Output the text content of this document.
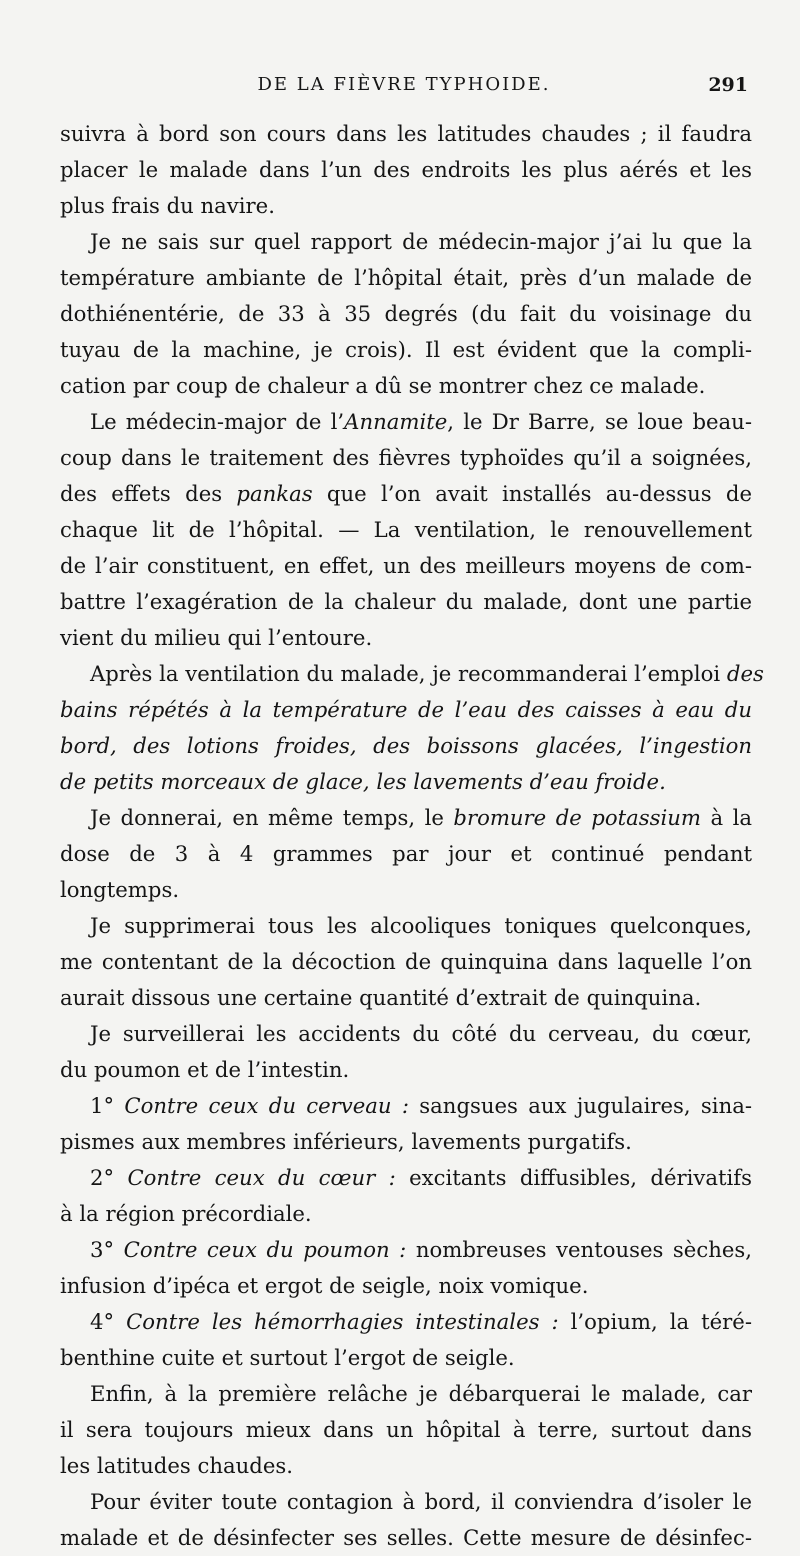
DE LA FIÈVRE TYPHOIDE.	291
suivra à bord son cours dans les latitudes chaudes ; il faudra
placer le malade dans l’un des endroits les plus aérés et les
plus frais du navire.
Je ne sais sur quel rapport de médecin-major j’ai lu que la
température ambiante de l’hôpital était, près d’un malade de
dothiénentérie, de 33 à 35 degrés (du fait du voisinage du
tuyau de la machine, je crois). Il est évident que la compli-
cation par coup de chaleur a dû se montrer chez ce malade.
Le médecin-major de l’Annamite, le Dr Barre, se loue beau-
coup dans le traitement des fièvres typhoïdes qu’il a soignées,
des effets des pankas que l’on avait installés au-dessus de
chaque lit de l’hôpital. — La ventilation, le renouvellement
de l’air constituent, en effet, un des meilleurs moyens de com-
battre l’exagération de la chaleur du malade, dont une partie
vient du milieu qui l’entoure.
Après la ventilation du malade, je recommanderai l’emploi des
bains répétés à la température de l’eau des caisses à eau du
bord, des lotions froides, des boissons glacées, l’ingestion
de petits morceaux de glace, les lavements d’eau froide.
Je donnerai, en même temps, le bromure de potassium à la
dose de 3 à 4 grammes par jour et continué pendant
longtemps.
Je supprimerai tous les alcooliques toniques quelconques,
me contentant de la décoction de quinquina dans laquelle l’on
aurait dissous une certaine quantité d’extrait de quinquina.
Je surveillerai les accidents du côté du cerveau, du cœur,
du poumon et de l’intestin.
1° Contre ceux du cerveau : sangsues aux jugulaires, sina-
pismes aux membres inférieurs, lavements purgatifs.
2° Contre ceux du cœur : excitants diffusibles, dérivatifs
à la région précordiale.
3° Contre ceux du poumon : nombreuses ventouses sèches,
infusion d’ipéca et ergot de seigle, noix vomique.
4° Contre les hémorrhagies intestinales : l’opium, la téré-
benthine cuite et surtout l’ergot de seigle.
Enfin, à la première relâche je débarquerai le malade, car
il sera toujours mieux dans un hôpital à terre, surtout dans
les latitudes chaudes.
Pour éviter toute contagion à bord, il conviendra d’isoler le
malade et de désinfecter ses selles. Cette mesure de désinfec-
